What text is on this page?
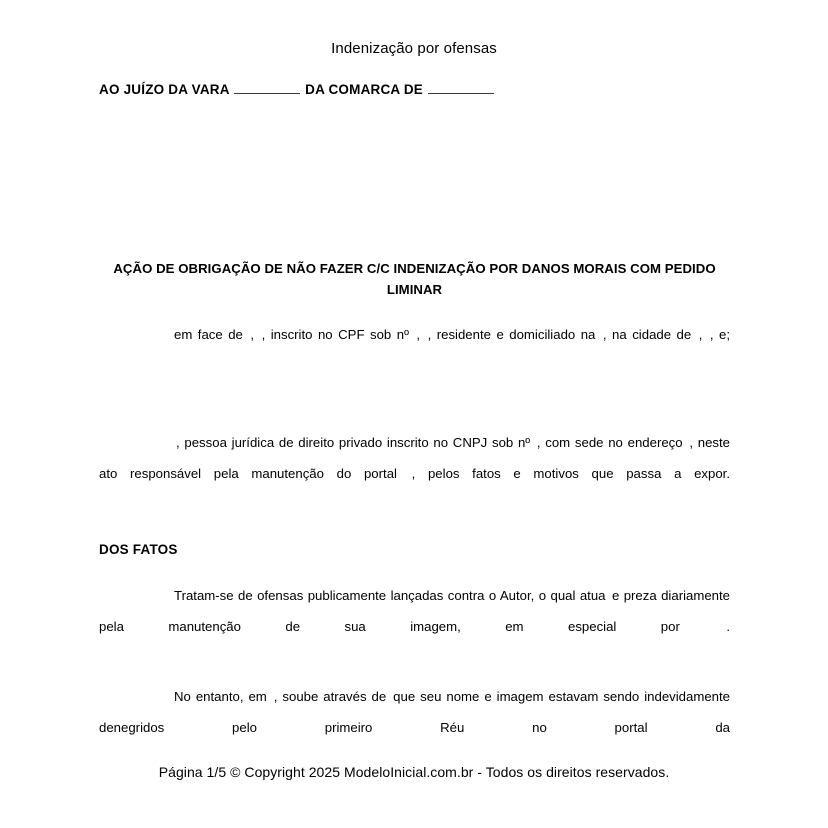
Indenização por ofensas
AO JUÍZO DA VARA	DA COMARCA DE
AÇÃO DE OBRIGAÇÃO DE NÃO FAZER C/C INDENIZAÇÃO POR DANOS MORAIS COM PEDIDO LIMINAR
em face de , , inscrito no CPF sob nº , , residente e domiciliado na , na cidade de , , e;
, pessoa jurídica de direito privado inscrito no CNPJ sob nº , com sede no endereço , neste ato responsável pela manutenção do portal , pelos fatos e motivos que passa a expor.
DOS FATOS
Tratam-se de ofensas publicamente lançadas contra o Autor, o qual atua e preza diariamente pela manutenção de sua imagem, em especial por	.
No entanto, em , soube através de que seu nome e imagem estavam sendo indevidamente denegridos pelo primeiro Réu no portal da
Página 1/5 © Copyright 2025 ModeloInicial.com.br - Todos os direitos reservados.
